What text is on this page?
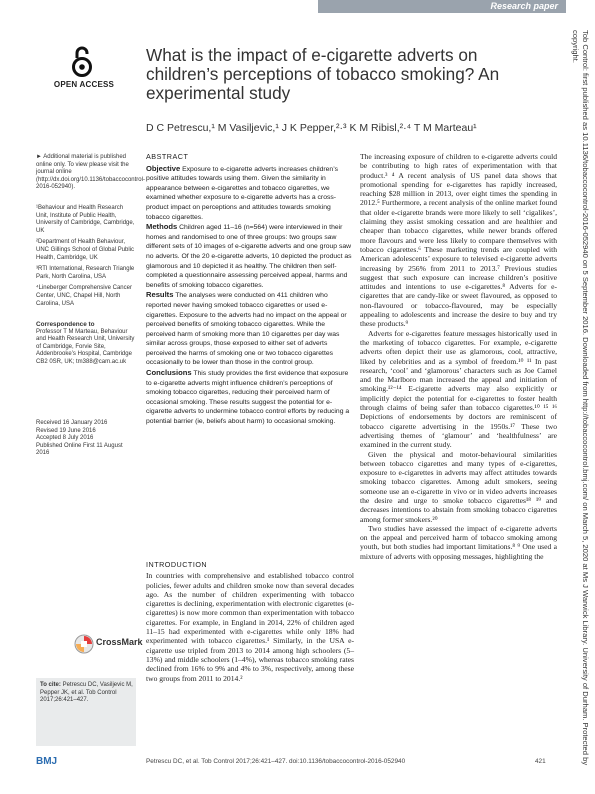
Research paper
OPEN ACCESS
What is the impact of e-cigarette adverts on children’s perceptions of tobacco smoking? An experimental study
D C Petrescu,¹ M Vasiljevic,¹ J K Pepper,²·³ K M Ribisl,²·⁴ T M Marteau¹

► Additional material is published online only. To view please visit the journal online (http://dx.doi.org/10.1136/tobaccocontrol-2016-052940).

¹Behaviour and Health Research Unit, Institute of Public Health, University of Cambridge, Cambridge, UK

²Department of Health Behaviour, UNC Gillings School of Global Public Health, Cambridge, UK

³RTI International, Research Triangle Park, North Carolina, USA

⁴Lineberger Comprehensive Cancer Center, UNC, Chapel Hill, North Carolina, USA

Correspondence to

Professor T M Marteau, Behaviour and Health Research Unit, University of Cambridge, Forvie Site, Addenbrooke’s Hospital, Cambridge CB2 0SR, UK; tm388@cam.ac.uk

Received 16 January 2016
Revised 19 June 2016
Accepted 8 July 2016
Published Online First 11 August 2016
ABSTRACT

Objective Exposure to e-cigarette adverts increases children’s positive attitudes towards using them. Given the similarity in appearance between e-cigarettes and tobacco cigarettes, we examined whether exposure to e-cigarette adverts has a cross-product impact on perceptions and attitudes towards smoking tobacco cigarettes.

Methods Children aged 11–16 (n=564) were interviewed in their homes and randomised to one of three groups: two groups saw different sets of 10 images of e-cigarette adverts and one group saw no adverts. Of the 20 e-cigarette adverts, 10 depicted the product as glamorous and 10 depicted it as healthy. The children then self-completed a questionnaire assessing perceived appeal, harms and benefits of smoking tobacco cigarettes.

Results The analyses were conducted on 411 children who reported never having smoked tobacco cigarettes or used e-cigarettes. Exposure to the adverts had no impact on the appeal or perceived benefits of smoking tobacco cigarettes. While the perceived harm of smoking more than 10 cigarettes per day was similar across groups, those exposed to either set of adverts perceived the harms of smoking one or two tobacco cigarettes occasionally to be lower than those in the control group.

Conclusions This study provides the first evidence that exposure to e-cigarette adverts might influence children’s perceptions of smoking tobacco cigarettes, reducing their perceived harm of occasional smoking. These results suggest the potential for e-cigarette adverts to undermine tobacco control efforts by reducing a potential barrier (ie, beliefs about harm) to occasional smoking.

INTRODUCTION

In countries with comprehensive and established tobacco control policies, fewer adults and children smoke now than several decades ago. As the number of children experimenting with tobacco cigarettes is declining, experimentation with electronic cigarettes (e-cigarettes) is now more common than experimentation with tobacco cigarettes. For example, in England in 2014, 22% of children aged 11–15 had experimented with e-cigarettes while only 18% had experimented with tobacco cigarettes.¹ Similarly, in the USA e-cigarette use tripled from 2013 to 2014 among high schoolers (5–13%) and middle schoolers (1–4%), whereas tobacco smoking rates declined from 16% to 9% and 4% to 3%, respectively, among these two groups from 2011 to 2014.²

The increasing exposure of children to e-cigarette adverts could be contributing to high rates of experimentation with that product.³ ⁴ A recent analysis of US panel data shows that promotional spending for e-cigarettes has rapidly increased, reaching $28 million in 2013, over eight times the spending in 2012.⁵ Furthermore, a recent analysis of the online market found that older e-cigarette brands were more likely to sell ‘cigalikes’, claiming they assist smoking cessation and are healthier and cheaper than tobacco cigarettes, while newer brands offered more flavours and were less likely to compare themselves with tobacco cigarettes.⁶ These marketing trends are coupled with American adolescents’ exposure to televised e-cigarette adverts increasing by 256% from 2011 to 2013.⁷ Previous studies suggest that such exposure can increase children’s positive attitudes and intentions to use e-cigarettes.⁸ Adverts for e-cigarettes that are candy-like or sweet flavoured, as opposed to non-flavoured or tobacco-flavoured, may be especially appealing to adolescents and increase the desire to buy and try these products.⁹

Adverts for e-cigarettes feature messages historically used in the marketing of tobacco cigarettes. For example, e-cigarette adverts often depict their use as glamorous, cool, attractive, liked by celebrities and as a symbol of freedom.¹⁰ ¹¹ In past research, ‘cool’ and ‘glamorous’ characters such as Joe Camel and the Marlboro man increased the appeal and initiation of smoking.¹²⁻¹⁴ E-cigarette adverts may also explicitly or implicitly depict the potential for e-cigarettes to foster health through claims of being safer than tobacco cigarettes.¹⁰ ¹⁵ ¹⁶ Depictions of endorsements by doctors are reminiscent of tobacco cigarette advertising in the 1950s.¹⁷ These two advertising themes of ‘glamour’ and ‘healthfulness’ are examined in the current study.

Given the physical and motor-behavioural similarities between tobacco cigarettes and many types of e-cigarettes, exposure to e-cigarettes in adverts may affect attitudes towards smoking tobacco cigarettes. Among adult smokers, seeing someone use an e-cigarette in vivo or in video adverts increases the desire and urge to smoke tobacco cigarettes¹⁸ ¹⁹ and decreases intentions to abstain from smoking tobacco cigarettes among former smokers.²⁰

Two studies have assessed the impact of e-cigarette adverts on the appeal and perceived harm of tobacco smoking among youth, but both studies had important limitations.⁸ ⁹ One used a mixture of adverts with opposing messages, highlighting the

CrossMark
To cite: Petrescu DC, Vasiljevic M, Pepper JK, et al. Tob Control 2017;26:421–427.
BMJ	Petrescu DC, et al. Tob Control 2017;26:421–427. doi:10.1136/tobaccocontrol-2016-052940	421	Tob Control: first published as 10.1136/tobaccocontrol-2016-052940 on 5 September 2016. Downloaded from http://tobaccocontrol.bmj.com/ on March 5, 2020 at Ms J Warwick Library. University of Durham. Protected by copyright.
